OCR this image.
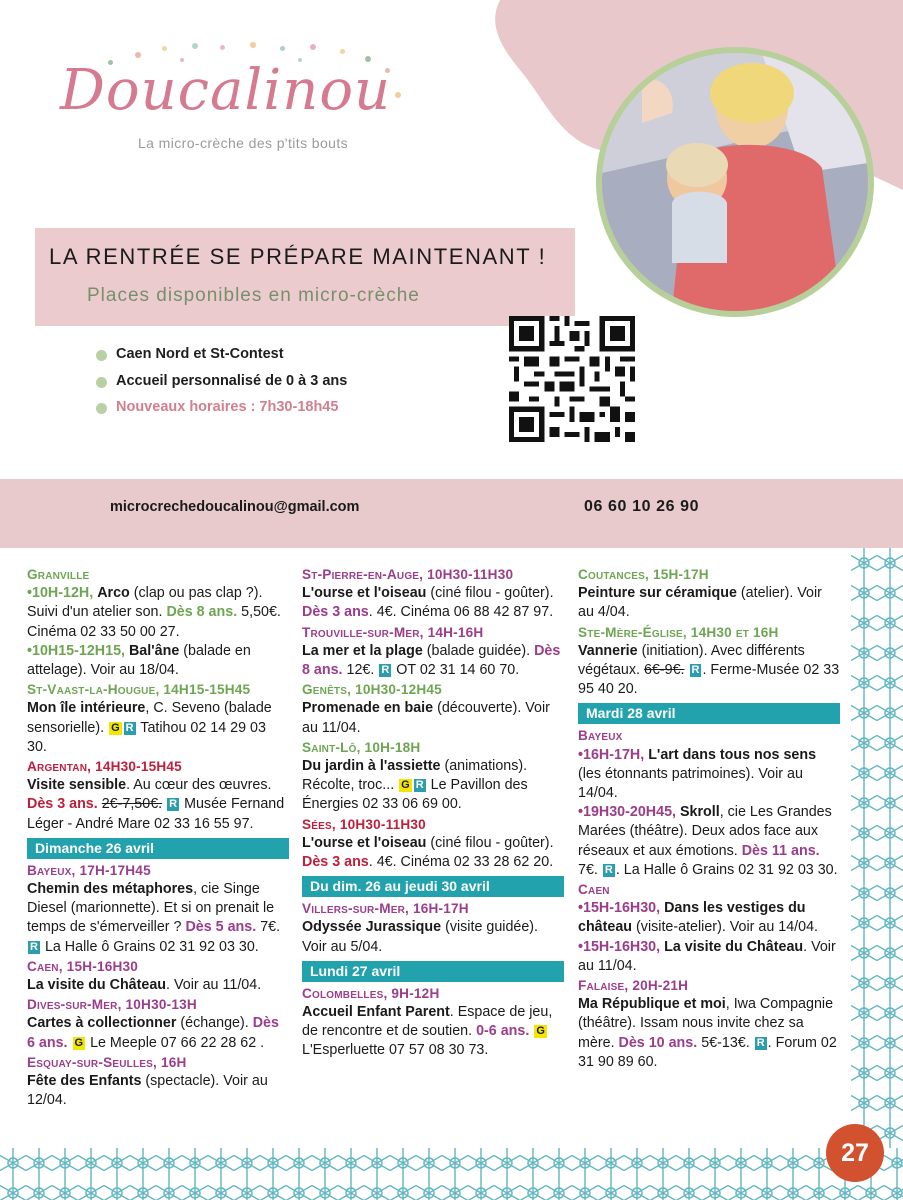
Doucalinou
La micro-crèche des p'tits bouts
LA RENTRÉE SE PRÉPARE MAINTENANT !
Places disponibles en micro-crèche
Caen Nord et St-Contest
Accueil personnalisé de 0 à 3 ans
Nouveaux horaires : 7h30-18h45
microcrechedoucalinou@gmail.com	06 60 10 26 90

Granville

•10H-12H, Arco (clap ou pas clap ?). Suivi d'un atelier son. Dès 8 ans. 5,50€. Cinéma 02 33 50 00 27.

•10H15-12H15, Bal'âne (balade en attelage). Voir au 18/04.

St-Vaast-la-Hougue, 14H15-15H45

Mon île intérieure, C. Seveno (balade sensorielle). G R Tatihou 02 14 29 03 30.

Argentan, 14H30-15H45

Visite sensible. Au cœur des œuvres. Dès 3 ans. 2€-7,50€. R Musée Fernand Léger - André Mare 02 33 16 55 97.

Dimanche 26 avril

Bayeux, 17H-17H45

Chemin des métaphores, cie Singe Diesel (marionnette). Et si on prenait le temps de s'émerveiller ? Dès 5 ans. 7€. R La Halle ô Grains 02 31 92 03 30.

Caen, 15H-16H30

La visite du Château. Voir au 11/04.

Dives-sur-Mer, 10H30-13H

Cartes à collectionner (échange). Dès 6 ans. G Le Meeple 07 66 22 28 62 .

Esquay-sur-Seulles, 16H

Fête des Enfants (spectacle). Voir au 12/04.

St-Pierre-en-Auge, 10H30-11H30

L'ourse et l'oiseau (ciné filou - goûter). Dès 3 ans. 4€. Cinéma 06 88 42 87 97.

Trouville-sur-Mer, 14H-16H

La mer et la plage (balade guidée). Dès 8 ans. 12€. R OT 02 31 14 60 70.

Genêts, 10H30-12H45

Promenade en baie (découverte). Voir au 11/04.

Saint-Lô, 10H-18H

Du jardin à l'assiette (animations). Récolte, troc... G R Le Pavillon des Énergies 02 33 06 69 00.

Sées, 10H30-11H30

L'ourse et l'oiseau (ciné filou - goûter). Dès 3 ans. 4€. Cinéma 02 33 28 62 20.

Du dim. 26 au jeudi 30 avril

Villers-sur-Mer, 16H-17H

Odyssée Jurassique (visite guidée). Voir au 5/04.

Lundi 27 avril

Colombelles, 9H-12H

Accueil Enfant Parent. Espace de jeu, de rencontre et de soutien. 0-6 ans. G L'Esperluette 07 57 08 30 73.

Coutances, 15H-17H

Peinture sur céramique (atelier). Voir au 4/04.

Ste-Mère-Église, 14H30 et 16H

Vannerie (initiation). Avec différents végétaux. 6€-9€. R . Ferme-Musée 02 33 95 40 20.

Mardi 28 avril

Bayeux

•16H-17H, L'art dans tous nos sens (les étonnants patrimoines). Voir au 14/04.

•19H30-20H45, Skroll, cie Les Grandes Marées (théâtre). Deux ados face aux réseaux et aux émotions. Dès 11 ans. 7€. R . La Halle ô Grains 02 31 92 03 30.

Caen

•15H-16H30, Dans les vestiges du château (visite-atelier). Voir au 14/04.

•15H-16H30, La visite du Château. Voir au 11/04.

Falaise, 20H-21H

Ma République et moi, Iwa Compagnie (théâtre). Issam nous invite chez sa mère. Dès 10 ans. 5€-13€. R . Forum 02 31 90 89 60.

27
